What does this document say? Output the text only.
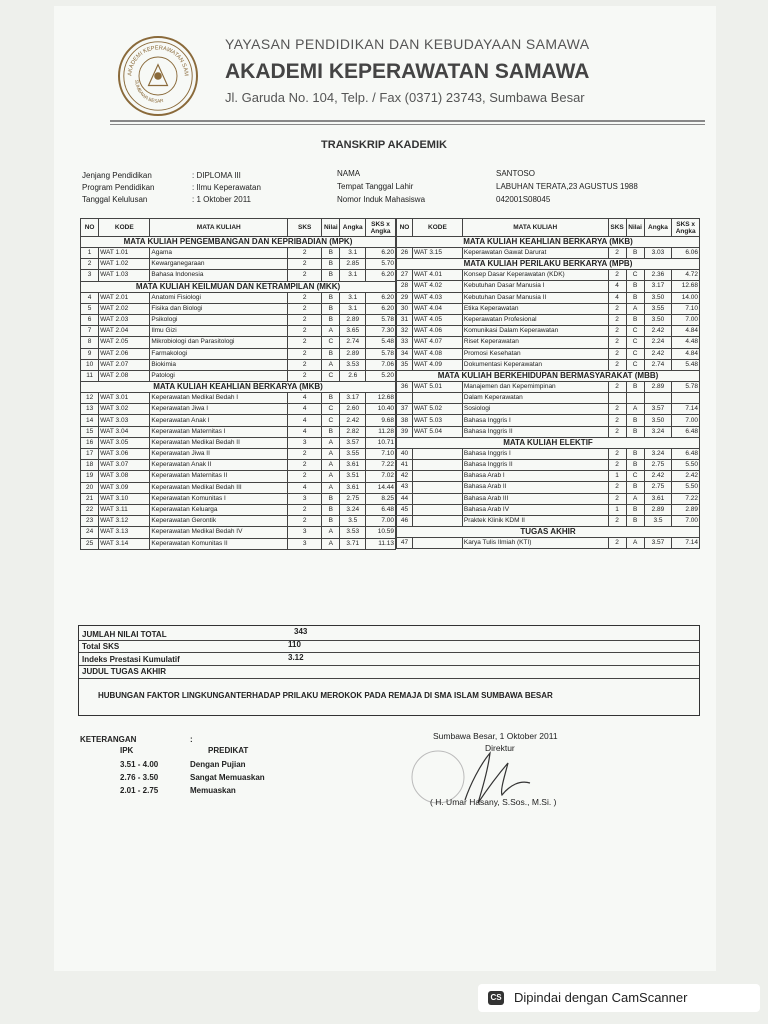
AKADEMI KEPERAWATAN SAM
SUMBAWA BESAR
YAYASAN PENDIDIKAN DAN KEBUDAYAAN SAMAWA
AKADEMI KEPERAWATAN SAMAWA
Jl. Garuda No. 104, Telp. / Fax (0371) 23743, Sumbawa Besar
TRANSKRIP AKADEMIK
Jenjang Pendidikan	: DIPLOMA III
Program Pendidikan	: Ilmu Keperawatan
Tanggal Kelulusan	: 1 Oktober 2011
NAMA	SANTOSO
Tempat Tanggal Lahir	LABUHAN TERATA,23 AGUSTUS 1988
Nomor Induk Mahasiswa	042001S08045
NO	KODE	MATA KULIAH	SKS	Nilai	Angka	SKS x Angka
MATA KULIAH PENGEMBANGAN DAN KEPRIBADIAN (MPK)						
1	WAT 1.01	Agama	2	B	3.1	6.20
2	WAT 1.02	Kewarganegaraan	2	B	2.85	5.70
3	WAT 1.03	Bahasa Indonesia	2	B	3.1	6.20
MATA KULIAH KEILMUAN DAN KETRAMPILAN (MKK)						
4	WAT 2.01	Anatomi Fisiologi	2	B	3.1	6.20
5	WAT 2.02	Fisika dan Biologi	2	B	3.1	6.20
6	WAT 2.03	Psikologi	2	B	2.89	5.78
7	WAT 2.04	Ilmu Gizi	2	A	3.65	7.30
8	WAT 2.05	Mikrobiologi dan Parasitologi	2	C	2.74	5.48
9	WAT 2.06	Farmakologi	2	B	2.89	5.78
10	WAT 2.07	Biokimia	2	A	3.53	7.06
11	WAT 2.08	Patologi	2	C	2.6	5.20
MATA KULIAH KEAHLIAN BERKARYA (MKB)						
12	WAT 3.01	Keperawatan Medikal Bedah I	4	B	3.17	12.68
13	WAT 3.02	Keperawatan Jiwa I	4	C	2.60	10.40
14	WAT 3.03	Keperawatan Anak I	4	C	2.42	9.68
15	WAT 3.04	Keperawatan Maternitas I	4	B	2.82	11.28
16	WAT 3.05	Keperawatan Medikal Bedah II	3	A	3.57	10.71
17	WAT 3.06	Keperawatan Jiwa II	2	A	3.55	7.10
18	WAT 3.07	Keperawatan Anak II	2	A	3.61	7.22
19	WAT 3.08	Keperawatan Maternitas II	2	A	3.51	7.02
20	WAT 3.09	Keperawatan Medikal Bedah III	4	A	3.61	14.44
21	WAT 3.10	Keperawatan Komunitas I	3	B	2.75	8.25
22	WAT 3.11	Keperawatan Keluarga	2	B	3.24	6.48
23	WAT 3.12	Keperawatan Gerontik	2	B	3.5	7.00
24	WAT 3.13	Keperawatan Medikal Bedah IV	3	A	3.53	10.59
25	WAT 3.14	Keperawatan Komunitas II	3	A	3.71	11.13
NO	KODE	MATA KULIAH	SKS	Nilai	Angka	SKS x Angka
MATA KULIAH KEAHLIAN BERKARYA (MKB)						
26	WAT 3.15	Keperawatan Gawat Darurat	2	B	3.03	6.06
MATA KULIAH PERILAKU BERKARYA (MPB)						
27	WAT 4.01	Konsep Dasar Keperawatan (KDK)	2	C	2.36	4.72
28	WAT 4.02	Kebutuhan Dasar Manusia I	4	B	3.17	12.68
29	WAT 4.03	Kebutuhan Dasar Manusia II	4	B	3.50	14.00
30	WAT 4.04	Etika Keperawatan	2	A	3.55	7.10
31	WAT 4.05	Keperawatan Profesional	2	B	3.50	7.00
32	WAT 4.06	Komunikasi Dalam Keperawatan	2	C	2.42	4.84
33	WAT 4.07	Riset Keperawatan	2	C	2.24	4.48
34	WAT 4.08	Promosi Kesehatan	2	C	2.42	4.84
35	WAT 4.09	Dokumentasi Keperawatan	2	C	2.74	5.48
MATA KULIAH BERKEHIDUPAN BERMASYARAKAT (MBB)						
36	WAT 5.01	Manajemen dan Kepemimpinan	2	B	2.89	5.78
		Dalam Keperawatan				
37	WAT 5.02	Sosiologi	2	A	3.57	7.14
38	WAT 5.03	Bahasa Inggris I	2	B	3.50	7.00
39	WAT 5.04	Bahasa Inggris II	2	B	3.24	6.48
MATA KULIAH ELEKTIF						
40		Bahasa Inggris I	2	B	3.24	6.48
41		Bahasa Inggris II	2	B	2.75	5.50
42		Bahasa Arab I	1	C	2.42	2.42
43		Bahasa Arab II	2	B	2.75	5.50
44		Bahasa Arab III	2	A	3.61	7.22
45		Bahasa Arab IV	1	B	2.89	2.89
46		Praktek Klinik KDM II	2	B	3.5	7.00
TUGAS AKHIR						
47		Karya Tulis Ilmiah (KTI)	2	A	3.57	7.14
JUMLAH NILAI TOTAL	343
Total SKS	110
Indeks Prestasi Kumulatif	3.12
JUDUL TUGAS AKHIR
HUBUNGAN FAKTOR LINGKUNGANTERHADAP PRILAKU MEROKOK PADA REMAJA DI SMA ISLAM SUMBAWA BESAR
KETERANGAN	:
IPK	PREDIKAT
3.51 - 4.00	Dengan Pujian
2.76 - 3.50	Sangat Memuaskan
2.01 - 2.75	Memuaskan
Sumbawa Besar, 1 Oktober 2011
Direktur
( H. Umar Hasany, S.Sos., M.Si. )
CS Dipindai dengan CamScanner
